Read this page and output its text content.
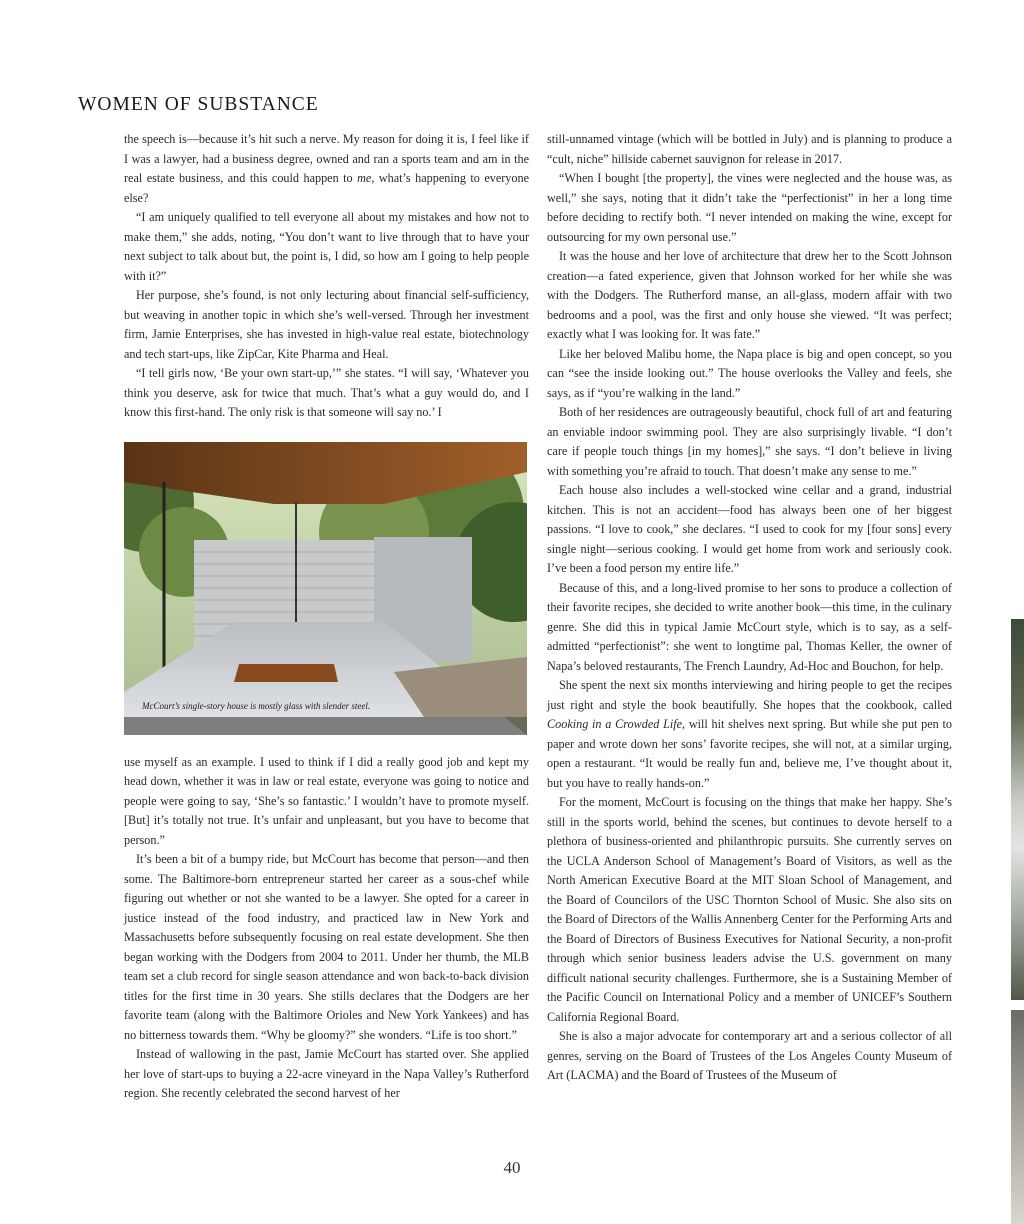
WOMEN OF SUBSTANCE

the speech is—because it’s hit such a nerve. My reason for doing it is, I feel like if I was a lawyer, had a business degree, owned and ran a sports team and am in the real estate business, and this could happen to me, what’s happening to everyone else?

“I am uniquely qualified to tell everyone all about my mistakes and how not to make them,” she adds, noting, “You don’t want to live through that to have your next subject to talk about but, the point is, I did, so how am I going to help people with it?”

Her purpose, she’s found, is not only lecturing about financial self-sufficiency, but weaving in another topic in which she’s well-versed. Through her investment firm, Jamie Enterprises, she has invested in high-value real estate, biotechnology and tech start-ups, like ZipCar, Kite Pharma and Heal.

“I tell girls now, ‘Be your own start-up,’” she states. “I will say, ‘Whatever you think you deserve, ask for twice that much. That’s what a guy would do, and I know this first-hand. The only risk is that someone will say no.’ I

McCourt’s single-story house is mostly glass with slender steel.

use myself as an example. I used to think if I did a really good job and kept my head down, whether it was in law or real estate, everyone was going to notice and people were going to say, ‘She’s so fantastic.’ I wouldn’t have to promote myself. [But] it’s totally not true. It’s unfair and unpleasant, but you have to become that person.”

It’s been a bit of a bumpy ride, but McCourt has become that person—and then some. The Baltimore-born entrepreneur started her career as a sous-chef while figuring out whether or not she wanted to be a lawyer. She opted for a career in justice instead of the food industry, and practiced law in New York and Massachusetts before subsequently focusing on real estate development. She then began working with the Dodgers from 2004 to 2011. Under her thumb, the MLB team set a club record for single season attendance and won back-to-back division titles for the first time in 30 years. She stills declares that the Dodgers are her favorite team (along with the Baltimore Orioles and New York Yankees) and has no bitterness towards them. “Why be gloomy?” she wonders. “Life is too short.”

Instead of wallowing in the past, Jamie McCourt has started over. She applied her love of start-ups to buying a 22-acre vineyard in the Napa Valley’s Rutherford region. She recently celebrated the second harvest of her

still-unnamed vintage (which will be bottled in July) and is planning to produce a “cult, niche” hillside cabernet sauvignon for release in 2017.

“When I bought [the property], the vines were neglected and the house was, as well,” she says, noting that it didn’t take the “perfectionist” in her a long time before deciding to rectify both. “I never intended on making the wine, except for outsourcing for my own personal use.”

It was the house and her love of architecture that drew her to the Scott Johnson creation—a fated experience, given that Johnson worked for her while she was with the Dodgers. The Rutherford manse, an all-glass, modern affair with two bedrooms and a pool, was the first and only house she viewed. “It was perfect; exactly what I was looking for. It was fate.”

Like her beloved Malibu home, the Napa place is big and open concept, so you can “see the inside looking out.” The house overlooks the Valley and feels, she says, as if “you’re walking in the land.”

Both of her residences are outrageously beautiful, chock full of art and featuring an enviable indoor swimming pool. They are also surprisingly livable. “I don’t care if people touch things [in my homes],” she says. “I don’t believe in living with something you’re afraid to touch. That doesn’t make any sense to me.”

Each house also includes a well-stocked wine cellar and a grand, industrial kitchen. This is not an accident—food has always been one of her biggest passions. “I love to cook,” she declares. “I used to cook for my [four sons] every single night—serious cooking. I would get home from work and seriously cook. I’ve been a food person my entire life.”

Because of this, and a long-lived promise to her sons to produce a collection of their favorite recipes, she decided to write another book—this time, in the culinary genre. She did this in typical Jamie McCourt style, which is to say, as a self-admitted “perfectionist”: she went to longtime pal, Thomas Keller, the owner of Napa’s beloved restaurants, The French Laundry, Ad-Hoc and Bouchon, for help.

She spent the next six months interviewing and hiring people to get the recipes just right and style the book beautifully. She hopes that the cookbook, called Cooking in a Crowded Life, will hit shelves next spring. But while she put pen to paper and wrote down her sons’ favorite recipes, she will not, at a similar urging, open a restaurant. “It would be really fun and, believe me, I’ve thought about it, but you have to really hands-on.”

For the moment, McCourt is focusing on the things that make her happy. She’s still in the sports world, behind the scenes, but continues to devote herself to a plethora of business-oriented and philanthropic pursuits. She currently serves on the UCLA Anderson School of Management’s Board of Visitors, as well as the North American Executive Board at the MIT Sloan School of Management, and the Board of Councilors of the USC Thornton School of Music. She also sits on the Board of Directors of the Wallis Annenberg Center for the Performing Arts and the Board of Directors of Business Executives for National Security, a non-profit through which senior business leaders advise the U.S. government on many difficult national security challenges. Furthermore, she is a Sustaining Member of the Pacific Council on International Policy and a member of UNICEF’s Southern California Regional Board.

She is also a major advocate for contemporary art and a serious collector of all genres, serving on the Board of Trustees of the Los Angeles County Museum of Art (LACMA) and the Board of Trustees of the Museum of

40
